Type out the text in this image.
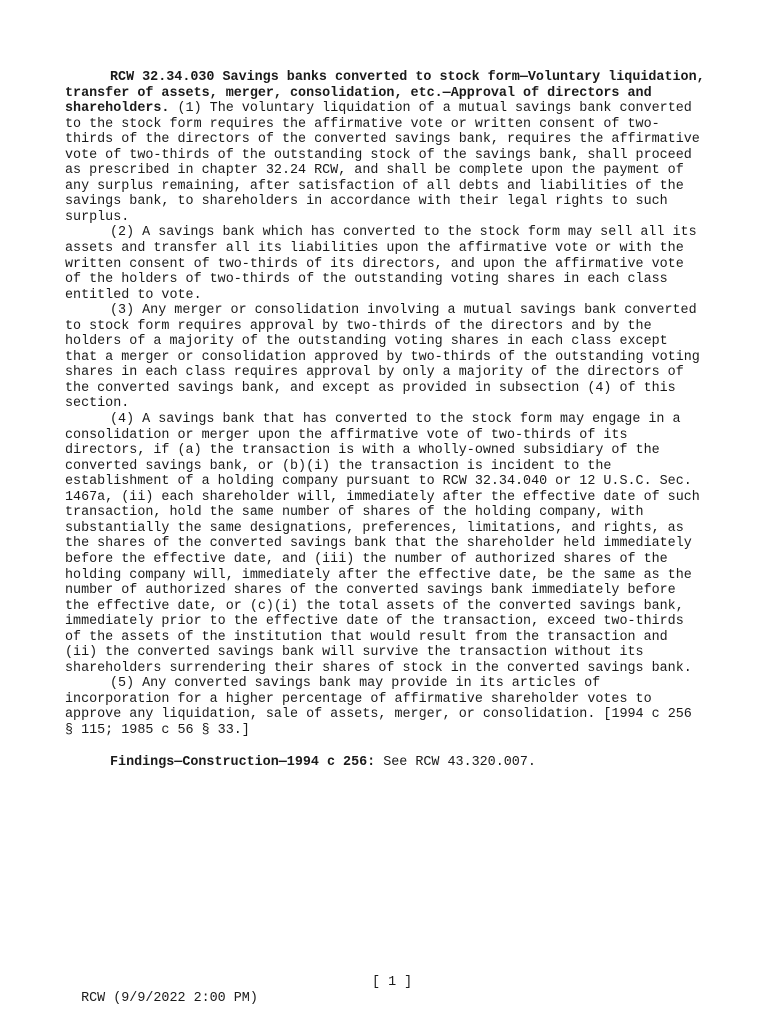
RCW 32.34.030 Savings banks converted to stock form—Voluntary liquidation, transfer of assets, merger, consolidation, etc.—Approval of directors and shareholders. (1) The voluntary liquidation of a mutual savings bank converted to the stock form requires the affirmative vote or written consent of two-thirds of the directors of the converted savings bank, requires the affirmative vote of two-thirds of the outstanding stock of the savings bank, shall proceed as prescribed in chapter 32.24 RCW, and shall be complete upon the payment of any surplus remaining, after satisfaction of all debts and liabilities of the savings bank, to shareholders in accordance with their legal rights to such surplus.

(2) A savings bank which has converted to the stock form may sell all its assets and transfer all its liabilities upon the affirmative vote or with the written consent of two-thirds of its directors, and upon the affirmative vote of the holders of two-thirds of the outstanding voting shares in each class entitled to vote.

(3) Any merger or consolidation involving a mutual savings bank converted to stock form requires approval by two-thirds of the directors and by the holders of a majority of the outstanding voting shares in each class except that a merger or consolidation approved by two-thirds of the outstanding voting shares in each class requires approval by only a majority of the directors of the converted savings bank, and except as provided in subsection (4) of this section.

(4) A savings bank that has converted to the stock form may engage in a consolidation or merger upon the affirmative vote of two-thirds of its directors, if (a) the transaction is with a wholly-owned subsidiary of the converted savings bank, or (b)(i) the transaction is incident to the establishment of a holding company pursuant to RCW 32.34.040 or 12 U.S.C. Sec. 1467a, (ii) each shareholder will, immediately after the effective date of such transaction, hold the same number of shares of the holding company, with substantially the same designations, preferences, limitations, and rights, as the shares of the converted savings bank that the shareholder held immediately before the effective date, and (iii) the number of authorized shares of the holding company will, immediately after the effective date, be the same as the number of authorized shares of the converted savings bank immediately before the effective date, or (c)(i) the total assets of the converted savings bank, immediately prior to the effective date of the transaction, exceed two-thirds of the assets of the institution that would result from the transaction and (ii) the converted savings bank will survive the transaction without its shareholders surrendering their shares of stock in the converted savings bank.

(5) Any converted savings bank may provide in its articles of incorporation for a higher percentage of affirmative shareholder votes to approve any liquidation, sale of assets, merger, or consolidation. [1994 c 256 § 115; 1985 c 56 § 33.]

Findings—Construction—1994 c 256: See RCW 43.320.007.

RCW (9/9/2022 2:00 PM)

[ 1 ]
